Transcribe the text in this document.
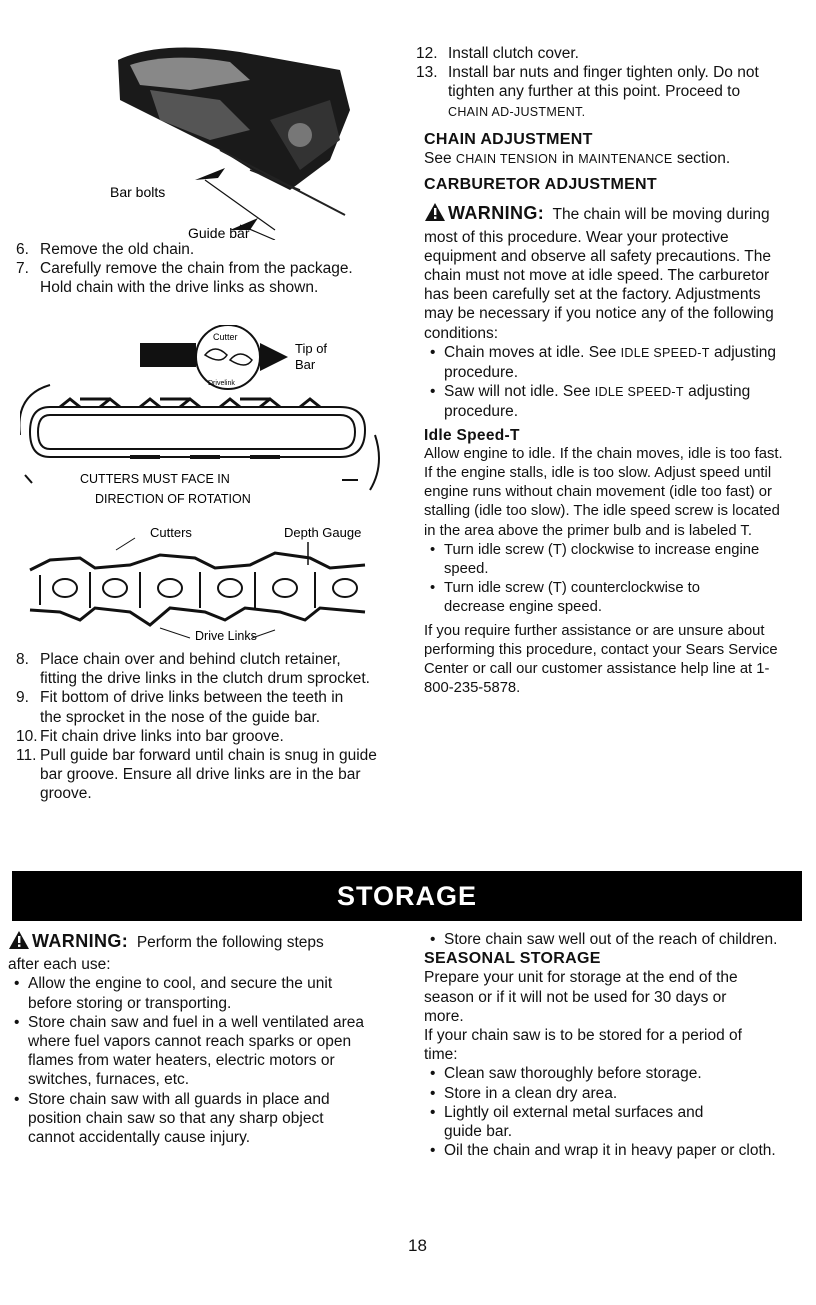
Bar bolts
Guide bar

6. Remove the old chain.

7. Carefully remove the chain from the package. Hold chain with the drive links as shown.

Cutter
Drivelink
Tip of
Bar
CUTTERS MUST FACE IN
DIRECTION OF ROTATION
Cutters	Depth Gauge
Drive Links

8. Place chain over and behind clutch retainer, fitting the drive links in the clutch drum sprocket.

9. Fit bottom of drive links between the teeth in the sprocket in the nose of the guide bar.

10. Fit chain drive links into bar groove.

11. Pull guide bar forward until chain is snug in guide bar groove. Ensure all drive links are in the bar groove.

12. Install clutch cover.

13. Install bar nuts and finger tighten only. Do not tighten any further at this point. Proceed to CHAIN AD-JUSTMENT.

CHAIN ADJUSTMENT

See CHAIN TENSION in MAINTENANCE section.

CARBURETOR ADJUSTMENT

WARNING: The chain will be moving during most of this procedure. Wear your protective equipment and observe all safety precautions. The chain must not move at idle speed. The carburetor has been carefully set at the factory. Adjustments may be necessary if you notice any of the following conditions:

• Chain moves at idle. See IDLE SPEED-T adjusting procedure.

• Saw will not idle. See IDLE SPEED-T adjusting procedure.

Idle Speed-T

Allow engine to idle. If the chain moves, idle is too fast. If the engine stalls, idle is too slow. Adjust speed until engine runs without chain movement (idle too fast) or stalling (idle too slow). The idle speed screw is located in the area above the primer bulb and is labeled T.

• Turn idle screw (T) clockwise to increase engine speed.

• Turn idle screw (T) counterclockwise to decrease engine speed.

If you require further assistance or are unsure about performing this procedure, contact your Sears Service Center or call our customer assistance help line at 1-800-235-5878.

STORAGE

WARNING: Perform the following steps after each use:

• Allow the engine to cool, and secure the unit before storing or transporting.

• Store chain saw and fuel in a well ventilated area where fuel vapors cannot reach sparks or open flames from water heaters, electric motors or switches, furnaces, etc.

• Store chain saw with all guards in place and position chain saw so that any sharp object cannot accidentally cause injury.

• Store chain saw well out of the reach of children.

SEASONAL STORAGE

Prepare your unit for storage at the end of the season or if it will not be used for 30 days or more.

If your chain saw is to be stored for a period of time:

• Clean saw thoroughly before storage.

• Store in a clean dry area.

• Lightly oil external metal surfaces and guide bar.

• Oil the chain and wrap it in heavy paper or cloth.

18
